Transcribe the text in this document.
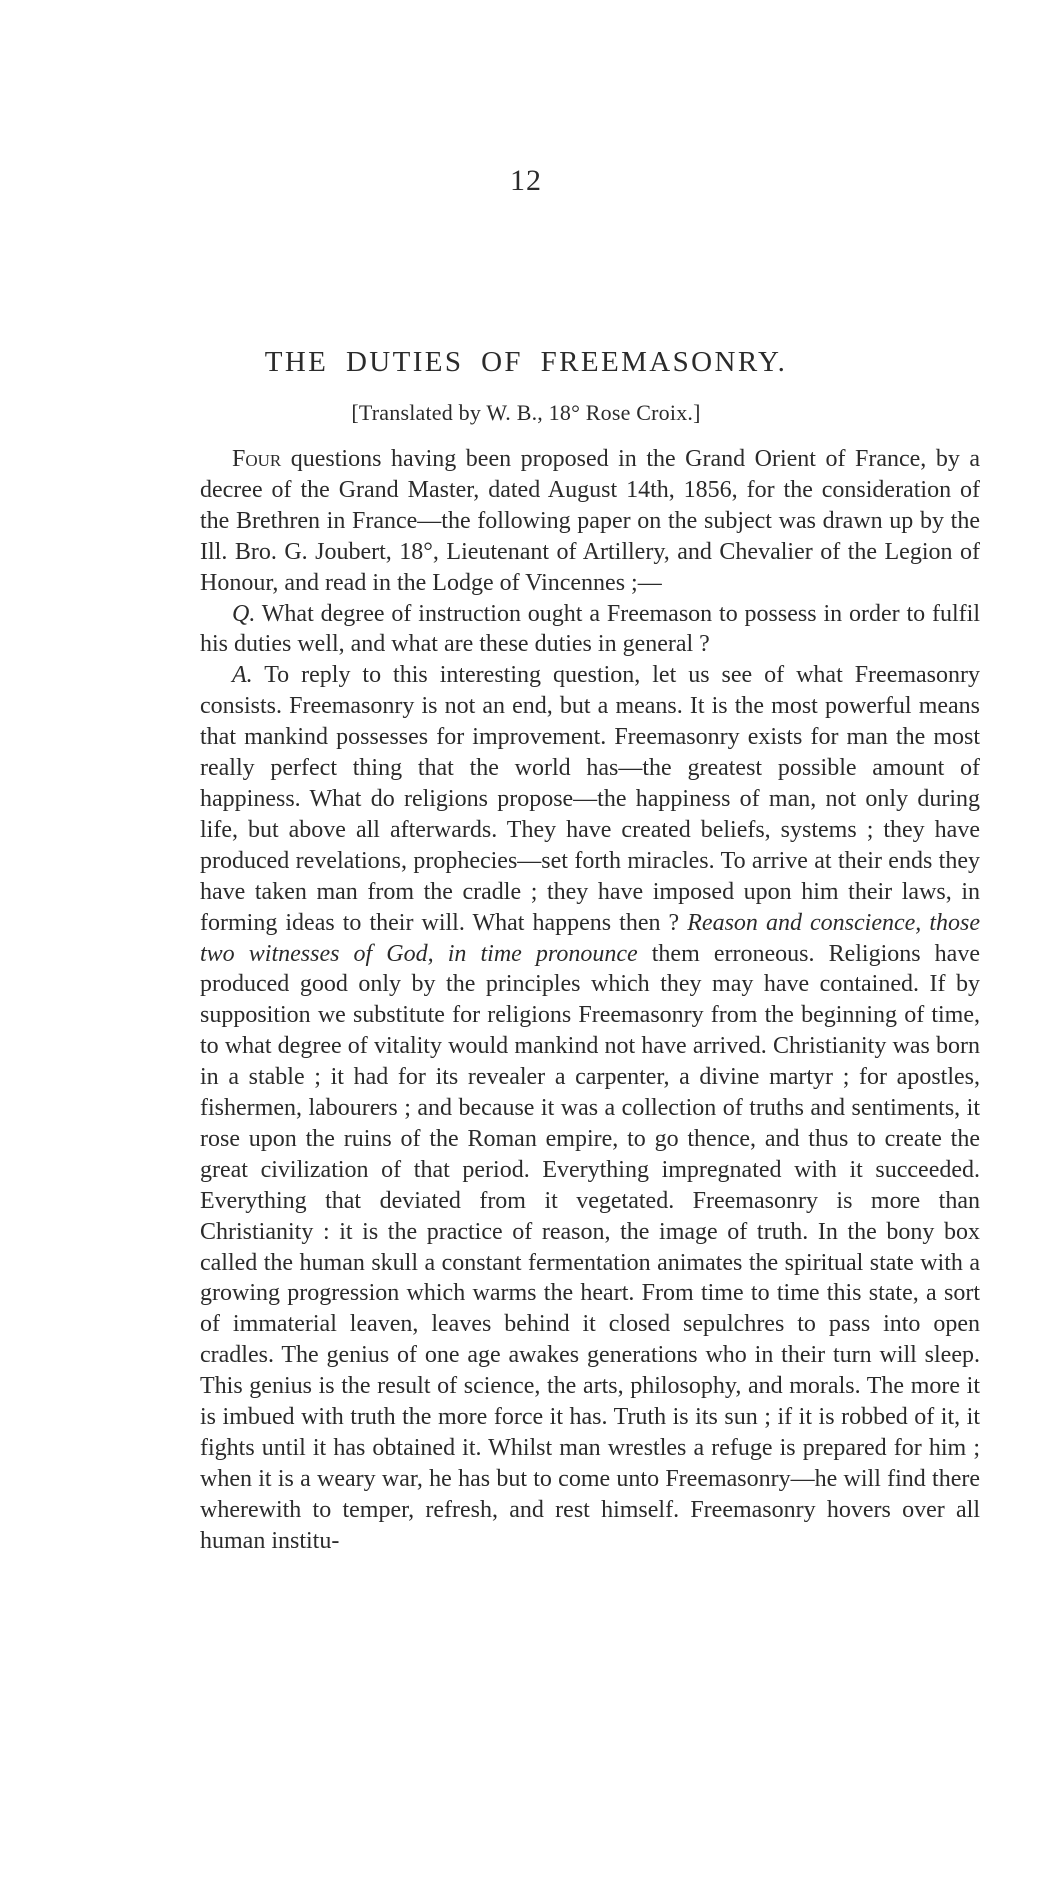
12
THE DUTIES OF FREEMASONRY.
[Translated by W. B., 18° Rose Croix.]

Four questions having been proposed in the Grand Orient of France, by a decree of the Grand Master, dated August 14th, 1856, for the consideration of the Brethren in France—the following paper on the subject was drawn up by the Ill. Bro. G. Joubert, 18°, Lieutenant of Artillery, and Chevalier of the Legion of Honour, and read in the Lodge of Vincennes ;—

Q. What degree of instruction ought a Freemason to possess in order to fulfil his duties well, and what are these duties in general ?

A. To reply to this interesting question, let us see of what Freemasonry consists. Freemasonry is not an end, but a means. It is the most powerful means that mankind possesses for improvement. Freemasonry exists for man the most really perfect thing that the world has—the greatest possible amount of happiness. What do religions propose—the happiness of man, not only during life, but above all afterwards. They have created beliefs, systems ; they have produced revelations, prophecies—set forth miracles. To arrive at their ends they have taken man from the cradle ; they have imposed upon him their laws, in forming ideas to their will. What happens then ? Reason and conscience, those two witnesses of God, in time pronounce them erroneous. Religions have produced good only by the principles which they may have contained. If by supposition we substitute for religions Freemasonry from the beginning of time, to what degree of vitality would mankind not have arrived. Christianity was born in a stable ; it had for its revealer a carpenter, a divine martyr ; for apostles, fishermen, labourers ; and because it was a collection of truths and sentiments, it rose upon the ruins of the Roman empire, to go thence, and thus to create the great civilization of that period. Everything impregnated with it succeeded. Everything that deviated from it vegetated. Freemasonry is more than Christianity : it is the practice of reason, the image of truth. In the bony box called the human skull a constant fermentation animates the spiritual state with a growing progression which warms the heart. From time to time this state, a sort of immaterial leaven, leaves behind it closed sepulchres to pass into open cradles. The genius of one age awakes generations who in their turn will sleep. This genius is the result of science, the arts, philosophy, and morals. The more it is imbued with truth the more force it has. Truth is its sun ; if it is robbed of it, it fights until it has obtained it. Whilst man wrestles a refuge is prepared for him ; when it is a weary war, he has but to come unto Freemasonry—he will find there wherewith to temper, refresh, and rest himself. Freemasonry hovers over all human institu-
